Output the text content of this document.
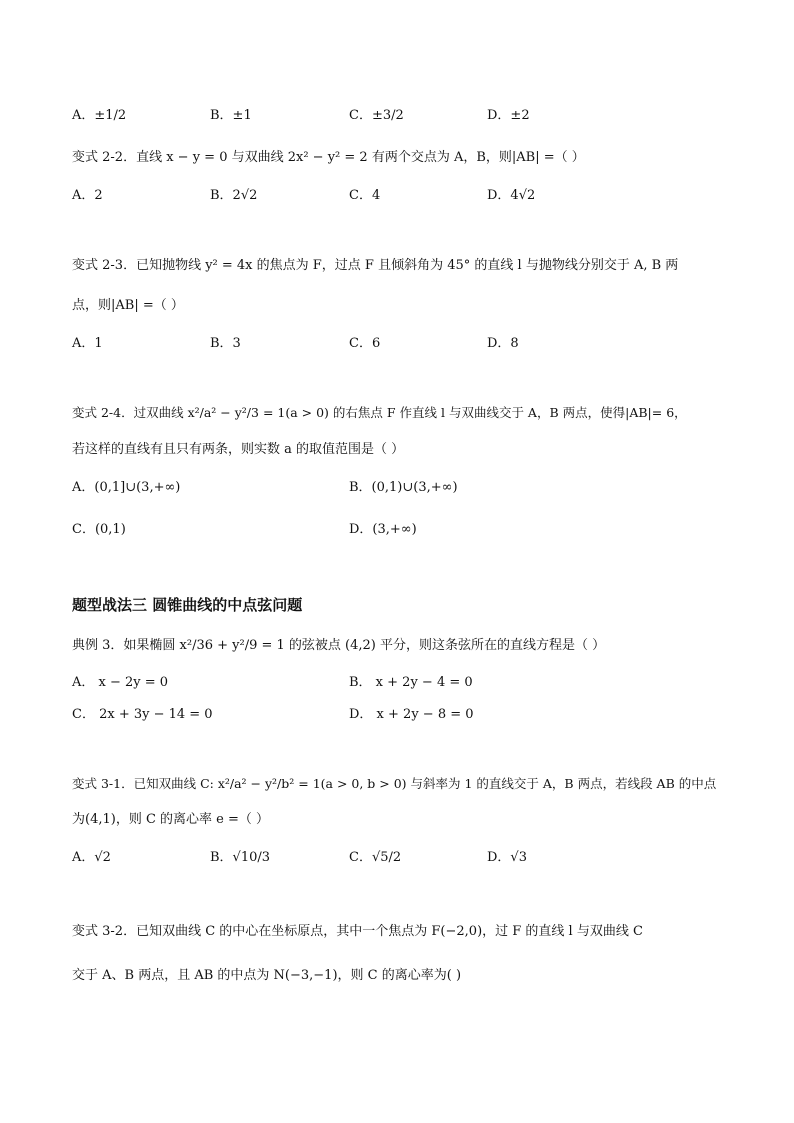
A．±1/2	B．±1	C．±3/2	D．±2
变式 2-2．直线 x − y = 0 与双曲线 2x² − y² = 2 有两个交点为 A，B，则|AB| =（ ）
A．2	B．2√2	C．4	D．4√2
变式 2-3．已知抛物线 y² = 4x 的焦点为 F，过点 F 且倾斜角为 45° 的直线 l 与抛物线分别交于 A, B 两
点，则|AB| =（ ）
A．1	B．3	C．6	D．8
变式 2-4．过双曲线 x²/a² − y²/3 = 1(a > 0) 的右焦点 F 作直线 l 与双曲线交于 A，B 两点，使得|AB|= 6，
若这样的直线有且只有两条，则实数 a 的取值范围是（ ）
A．(0,1]∪(3,+∞)	B．(0,1)∪(3,+∞)
C．(0,1)	D．(3,+∞)
题型战法三 圆锥曲线的中点弦问题
典例 3．如果椭圆 x²/36 + y²/9 = 1 的弦被点 (4,2) 平分，则这条弦所在的直线方程是（ ）
A． x − 2y = 0	B． x + 2y − 4 = 0
C． 2x + 3y − 14 = 0	D． x + 2y − 8 = 0
变式 3-1．已知双曲线 C: x²/a² − y²/b² = 1(a > 0, b > 0) 与斜率为 1 的直线交于 A，B 两点，若线段 AB 的中点
为(4,1)，则 C 的离心率 e =（ ）
A．√2	B．√10/3	C．√5/2	D．√3
变式 3-2．已知双曲线 C 的中心在坐标原点，其中一个焦点为 F(−2,0)，过 F 的直线 l 与双曲线 C
交于 A、B 两点，且 AB 的中点为 N(−3,−1)，则 C 的离心率为( )
